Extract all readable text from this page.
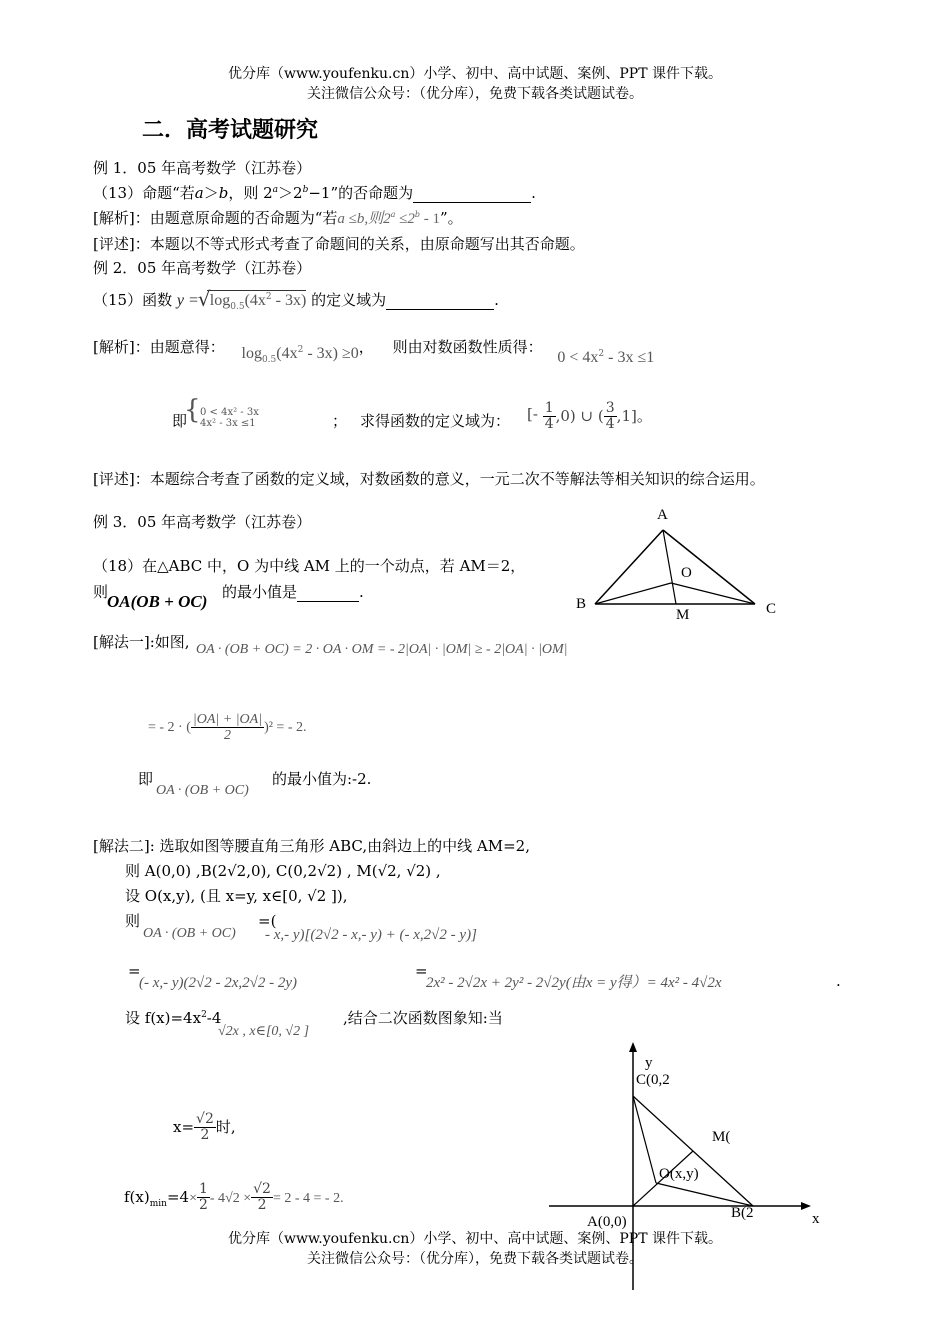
优分库（www.youfenku.cn）小学、初中、高中试题、案例、PPT 课件下载。
关注微信公众号：（优分库），免费下载各类试题试卷。
二．高考试题研究
例 1．05 年高考数学（江苏卷）
（13）命题“若a＞b，则 $2^a>2^b-1$”的否命题为	.
[解析]：由题意原命题的否命题为“若a ≤b,则$2^a \le 2^b - 1$”。
[评述]：本题以不等式形式考查了命题间的关系，由原命题写出其否命题。
例 2．05 年高考数学（江苏卷）
（15）函数 y = √ $\log_{0.5}(4x^2 - 3x)$ 的定义域为	.
[解析]：由题意得： $\log_{0.5}(4x^2 - 3x) \ge 0$， 则由对数函数性质得： $0 < 4x^2 - 3x \le 1$
即
{ 0 < 4x² - 3x
4x² - 3x ≤1	； 求得函数的定义域为： [- $\frac{1}{4} ,0$) ∪ ( $\frac{3}{4} ,1$]。
[评述]：本题综合考查了函数的定义域，对数函数的意义，一元二次不等解法等相关知识的综合运用。
例 3．05 年高考数学（江苏卷）
（18）在△ABC 中，O 为中线 AM 上的一个动点，若 AM＝2，
则
OA(OB + OC) 的最小值是	.
A
B	C
O
M
[解法一]:如图, OA · (OB + OC) = 2 · OA · OM = - 2|OA| · |OM| ≥ - 2|OA| · |OM|
= - 2 · ( $\frac{|OA| + |OA|}{2} )^2$ = - 2.
即
OA · (OB + OC)
的最小值为:-2.
[解法二]: 选取如图等腰直角三角形 ABC,由斜边上的中线 AM=2,
则 A(0,0) ,B(2√2,0), C(0,2√2) , M(√2, √2) ,
设 O(x,y), (且 x=y, x∈[0, √2 ]),
则
OA · (OB + OC)
=(
- x,- y)[(2√2 - x,- y) + (- x,2√2 - y)]
=
(- x,- y)(2√2 - 2x,2√2 - 2y)
=
2x² - 2√2x + 2y² - 2√2y(由x = y得）= 4x² - 4√2x	.
设 $f(x)=4x^2-4$
√2x , x∈[0, √2 ]
,结合二次函数图象知:当
$x= \frac{√2}{2}$ 时,
$f(x)_{min}=4\times \frac{1}{2} - 4√2 \times \frac{√2}{2} = 2 - 4$ = - 2.
y
x
C(0,2
M(
O(x,y)
A(0,0)
B(2
优分库（www.youfenku.cn）小学、初中、高中试题、案例、PPT 课件下载。
关注微信公众号：（优分库），免费下载各类试题试卷。
